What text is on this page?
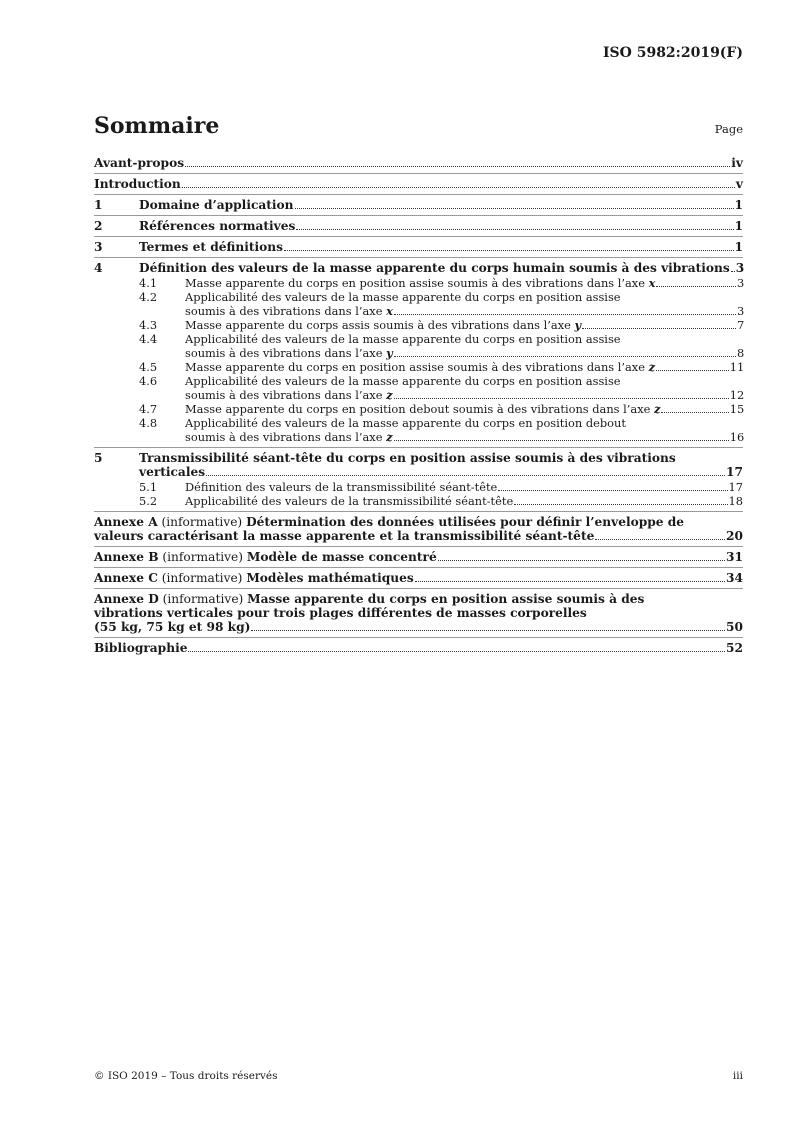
ISO 5982:2019(F)
Sommaire	Page
Avant-propos	iv
Introduction	v
1	Domaine d’application	1
2	Références normatives	1
3	Termes et définitions	1
4	Définition des valeurs de la masse apparente du corps humain soumis à des vibrations 3
4.1	Masse apparente du corps en position assise soumis à des vibrations dans l’axe x	3
4.2	Applicabilité des valeurs de la masse apparente du corps en position assise
soumis à des vibrations dans l’axe x	3
4.3	Masse apparente du corps assis soumis à des vibrations dans l’axe y	7
4.4	Applicabilité des valeurs de la masse apparente du corps en position assise
soumis à des vibrations dans l’axe y	8
4.5	Masse apparente du corps en position assise soumis à des vibrations dans l’axe z	11
4.6	Applicabilité des valeurs de la masse apparente du corps en position assise
soumis à des vibrations dans l’axe z	12
4.7	Masse apparente du corps en position debout soumis à des vibrations dans l’axe z	15
4.8	Applicabilité des valeurs de la masse apparente du corps en position debout
soumis à des vibrations dans l’axe z	16
5	Transmissibilité séant-tête du corps en position assise soumis à des vibrations
verticales	17
5.1	Définition des valeurs de la transmissibilité séant-tête	17
5.2	Applicabilité des valeurs de la transmissibilité séant-tête	18
Annexe A (informative) Détermination des données utilisées pour définir l’enveloppe de
valeurs caractérisant la masse apparente et la transmissibilité séant-tête	20
Annexe B (informative) Modèle de masse concentré	31
Annexe C (informative) Modèles mathématiques	34
Annexe D (informative) Masse apparente du corps en position assise soumis à des
vibrations verticales pour trois plages différentes de masses corporelles
(55 kg, 75 kg et 98 kg)	50
Bibliographie	52
© ISO 2019 – Tous droits réservés	iii
